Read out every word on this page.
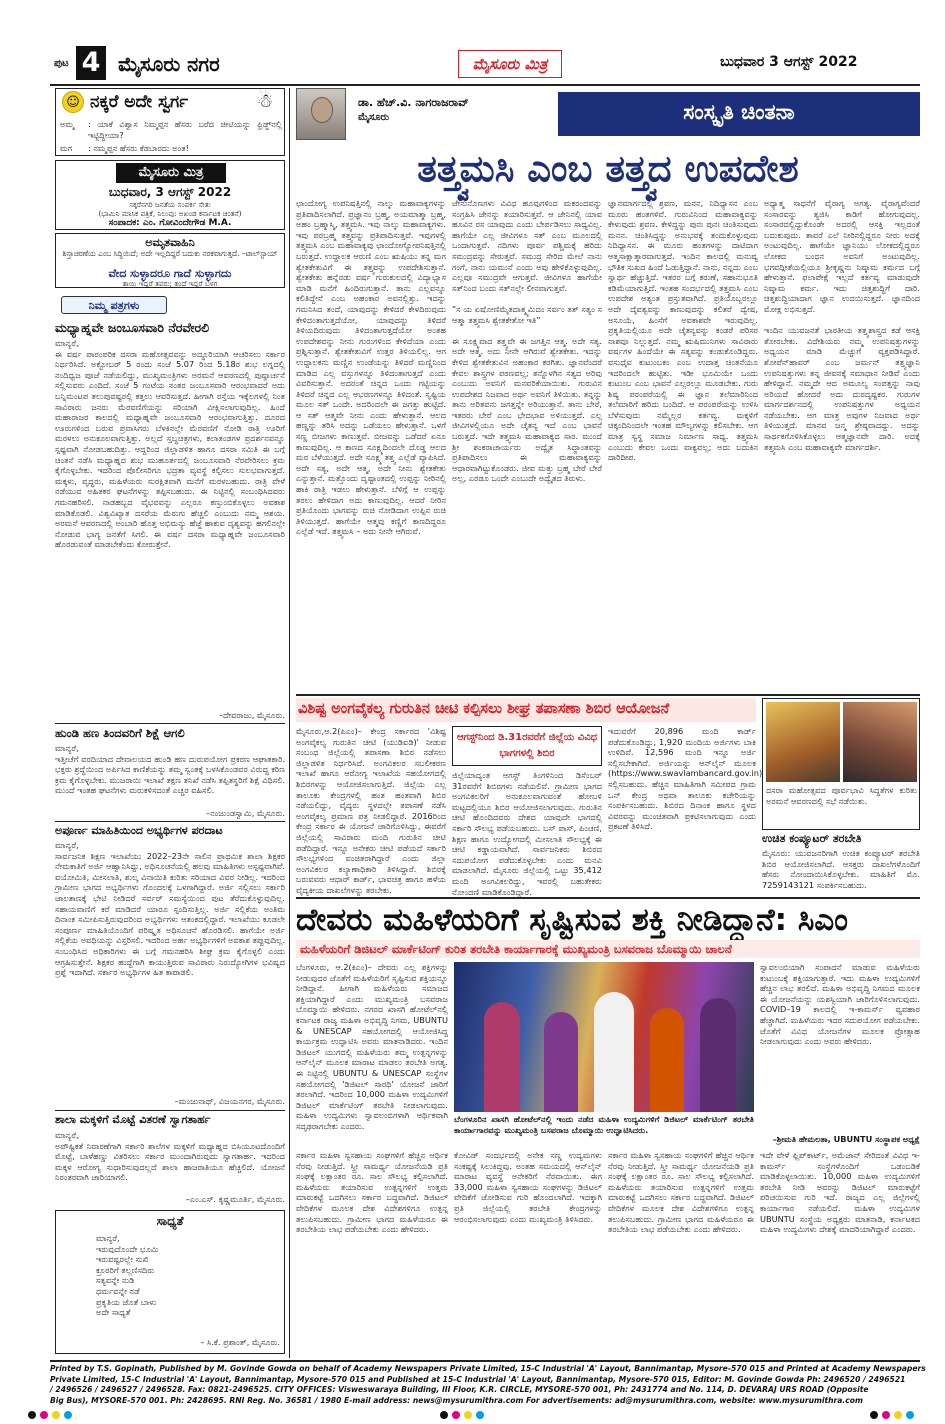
ಪುಟ 4 ಮೈಸೂರು ನಗರ	ಮೈಸೂರು ಮಿತ್ರ	ಬುಧವಾರ 3 ಆಗಸ್ಟ್ 2022
☺ ನಕ್ಕರೆ ಅದೇ ಸ್ವರ್ಗ	☃
ಅಮ್ಮ	: ಯಾಕೆ ವಿಶ್ವಾಸ ನಿಮ್ಮಪ್ಪನ ಹೆಸರು ಬರೆದ ಚೀಟಿಯನ್ನು ಫ್ರಿಡ್ಜ್‌ನಲ್ಲಿ ಇಟ್ಟಿದ್ದೀಯಾ?
ಮಗ	: ನಮ್ಮಪ್ಪನ ಹೆಸರು ಕೆಡಬಾರದು ಅಂತ!
ಮೈಸೂರು ಮಿತ್ರ
ಬುಧವಾರ, 3 ಆಗಸ್ಟ್ 2022
ಸಕ್ಕರೆನಗರಿ ಜನತೆಯ ಸಂಪರ್ಕ ಸೇತು
(ಭಾಮಿನಿ ಮಾಸಿಕ ಪತ್ರಿಕೆ, ನಿಲುವು: ಅಖಂಡ ಕರ್ನಾಟಕ ಚಿಂತನೆ)
ಸಂಪಾದಕ: ಎಂ. ಗೋವಿಂದೇಗೌಡ M.A.
ಅಮೃತವಾಹಿನಿ
ಶಿಸ್ತಾಚರಣೆಯ ಎಂಬ ಸಿದ್ಧಿಯಿದೆ; ಅದೇ ಇಲ್ಲದಿದ್ದರೆ ಬದುಕು ನರಕವಾಗುತ್ತದೆ. –ಟಾಲ್‌ಸ್ಟಾಯ್
ವೇದ ಸುಳ್ಳಾದರೂ ಗಾದೆ ಸುಳ್ಳಾಗದು
ತಾಯಿ ಇದ್ದರೆ ತವರು; ತಂದೆ ಇದ್ದರೆ ಬಳಗ
ನಿಮ್ಮ ಪತ್ರಗಳು
ಮಧ್ಯಾಹ್ನವೇ ಜಂಬೂಸವಾರಿ ನೆರವೇರಲಿ
ಮಾನ್ಯರೆ,
ಈ ವರ್ಷ ಪಾರಂಪರಿಕ ದಸರಾ ಮಹೋತ್ಸವವನ್ನು ಅದ್ಧೂರಿಯಾಗಿ ಆಚರಿಸಲು ಸರ್ಕಾರ ನಿರ್ಧರಿಸಿದೆ. ಅಕ್ಟೋಬರ್ 5 ರಂದು ಸಂಜೆ 5.07 ರಿಂದ 5.18ರ ಶುಭ ಲಗ್ನದಲ್ಲಿ ನಂದಿಧ್ವಜ ಪೂಜೆ ನಡೆಯಲಿದ್ದು, ಮುಖ್ಯಮಂತ್ರಿಗಳು ಅರಮನೆ ಆವರಣದಲ್ಲಿ ಪುಷ್ಪಾರ್ಚನೆ ಸಲ್ಲಿಸುವರು ಎಂದಿದೆ. ಸಂಜೆ 5 ಗಂಟೆಯ ನಂತರ ಜಂಬೂಸವಾರಿ ಆರಂಭವಾದರೆ ಅದು ಬನ್ನಿಮಂಟಪ ತಲುಪುವಷ್ಟರಲ್ಲಿ ಕತ್ತಲು ಆವರಿಸುತ್ತದೆ. ಹೀಗಾಗಿ ರಸ್ತೆಯ ಇಕ್ಕೆಲಗಳಲ್ಲಿ ನಿಂತ ಸಾವಿರಾರು ಜನರು ಮೆರವಣಿಗೆಯನ್ನು ಸರಿಯಾಗಿ ವೀಕ್ಷಿಸಲಾಗುವುದಿಲ್ಲ. ಹಿಂದೆ ಮಹಾರಾಜರ ಕಾಲದಲ್ಲಿ ಮಧ್ಯಾಹ್ನವೇ ಜಂಬೂಸವಾರಿ ಆರಂಭವಾಗುತ್ತಿತ್ತು. ದೂರದ ಊರುಗಳಿಂದ ಬರುವ ಪ್ರವಾಸಿಗರು ಬೆಳಕಿನಲ್ಲೇ ಮೆರವಣಿಗೆ ನೋಡಿ ರಾತ್ರಿ ಊರಿಗೆ ಮರಳಲು ಅನುಕೂಲವಾಗುತ್ತಿತ್ತು. ಅಲ್ಲದೆ ಸ್ತಬ್ಧಚಿತ್ರಗಳು, ಕಲಾತಂಡಗಳ ಪ್ರದರ್ಶನವನ್ನೂ ಸ್ಪಷ್ಟವಾಗಿ ನೋಡಬಹುದಿತ್ತು. ಆದ್ದರಿಂದ ಜಿಲ್ಲಾಡಳಿತ ಹಾಗೂ ದಸರಾ ಸಮಿತಿ ಈ ಬಗ್ಗೆ ಚಿಂತನೆ ನಡೆಸಿ ಮಧ್ಯಾಹ್ನದ ಶುಭ ಮುಹೂರ್ತದಲ್ಲಿ ಜಂಬೂಸವಾರಿ ನೆರವೇರಿಸಲು ಕ್ರಮ ಕೈಗೊಳ್ಳಬೇಕು. ಇದರಿಂದ ಪೊಲೀಸರಿಗೂ ಭದ್ರತಾ ವ್ಯವಸ್ಥೆ ಕಲ್ಪಿಸಲು ಸುಲಭವಾಗುತ್ತದೆ. ಮಕ್ಕಳು, ವೃದ್ಧರು, ಮಹಿಳೆಯರು ಸುರಕ್ಷಿತವಾಗಿ ಮನೆಗೆ ಮರಳಬಹುದು. ರಾತ್ರಿ ವೇಳೆ ನಡೆಯುವ ಅಹಿತಕರ ಘಟನೆಗಳನ್ನು ತಪ್ಪಿಸಬಹುದು. ಈ ನಿಟ್ಟಿನಲ್ಲಿ ಸಂಬಂಧಿಸಿದವರು ಗಮನಹರಿಸಲಿ. ನಾಡಹಬ್ಬದ ವೈಭವವನ್ನು ಎಲ್ಲರೂ ಕಣ್ತುಂಬಿಕೊಳ್ಳಲು ಅವಕಾಶ ಮಾಡಿಕೊಡಲಿ. ವಿಶ್ವವಿಖ್ಯಾತ ದಸರೆಯ ಮೆರುಗು ಹೆಚ್ಚಲಿ ಎಂಬುದು ನಮ್ಮ ಆಶಯ. ಅರಮನೆ ಆವರಣದಲ್ಲಿ ಅಂಬಾರಿ ಹೊತ್ತ ಅಭಿಮನ್ಯು ಹೆಜ್ಜೆ ಹಾಕುವ ದೃಶ್ಯವನ್ನು ಹಗಲಿನಲ್ಲೇ ನೋಡುವ ಭಾಗ್ಯ ಜನತೆಗೆ ಸಿಗಲಿ. ಈ ವರ್ಷ ದಸರಾ ಮಧ್ಯಾಹ್ನವೇ ಜಂಬೂಸವಾರಿ ಹೊರಡುವಂತೆ ಮಾಡಬೇಕೆಂದು ಕೋರುತ್ತೇನೆ.
–ದೇವರಾಜು, ಮೈಸೂರು.
ಹುಂಡಿ ಹಣ ತಿಂದವರಿಗೆ ಶಿಕ್ಷೆ ಆಗಲಿ
ಮಾನ್ಯರೆ,
ಇತ್ತೀಚೆಗೆ ವರದಿಯಾದ ದೇವಾಲಯದ ಹುಂಡಿ ಹಣ ದುರುಪಯೋಗ ಪ್ರಕರಣ ಆಘಾತಕಾರಿ. ಭಕ್ತರು ಶ್ರದ್ಧೆಯಿಂದ ಅರ್ಪಿಸಿದ ಕಾಣಿಕೆಯನ್ನು ತಮ್ಮ ಸ್ವಂತಕ್ಕೆ ಬಳಸಿಕೊಂಡವರ ವಿರುದ್ಧ ಕಠಿಣ ಕ್ರಮ ಕೈಗೊಳ್ಳಬೇಕು. ಮುಜರಾಯಿ ಇಲಾಖೆ ತಕ್ಷಣ ತನಿಖೆ ನಡೆಸಿ ತಪ್ಪಿತಸ್ಥರಿಗೆ ಶಿಕ್ಷೆ ವಿಧಿಸಲಿ. ಮುಂದೆ ಇಂತಹ ಘಟನೆಗಳು ಮರುಕಳಿಸದಂತೆ ಎಚ್ಚರ ವಹಿಸಲಿ.
–ನಂಜುಂಡಸ್ವಾಮಿ, ಮೈಸೂರು.
ಅಪೂರ್ಣ ಮಾಹಿತಿಯಿಂದ ಅಭ್ಯರ್ಥಿಗಳ ಪರದಾಟ
ಮಾನ್ಯರೆ,
ಸಾರ್ವಜನಿಕ ಶಿಕ್ಷಣ ಇಲಾಖೆಯು 2022–23ನೇ ಸಾಲಿನ ಪ್ರಾಥಮಿಕ ಶಾಲಾ ಶಿಕ್ಷಕರ ನೇಮಕಾತಿಗೆ ಅರ್ಜಿ ಆಹ್ವಾನಿಸಿದ್ದು, ಅಧಿಸೂಚನೆಯಲ್ಲಿ ಹಲವು ಮಾಹಿತಿಗಳು ಅಸ್ಪಷ್ಟವಾಗಿವೆ. ವಯೋಮಿತಿ, ಮೀಸಲಾತಿ, ಶುಲ್ಕ ವಿನಾಯಿತಿ ಕುರಿತು ಸರಿಯಾದ ವಿವರ ನೀಡಿಲ್ಲ. ಇದರಿಂದ ಗ್ರಾಮೀಣ ಭಾಗದ ಅಭ್ಯರ್ಥಿಗಳು ಗೊಂದಲಕ್ಕೆ ಒಳಗಾಗಿದ್ದಾರೆ. ಅರ್ಜಿ ಸಲ್ಲಿಸಲು ಸರ್ಕಾರಿ ಜಾಲತಾಣಕ್ಕೆ ಭೇಟಿ ನೀಡಿದರೆ ಸರ್ವರ್ ಸಮಸ್ಯೆಯಿಂದ ಪುಟ ತೆರೆದುಕೊಳ್ಳುವುದಿಲ್ಲ. ಸಹಾಯವಾಣಿಗೆ ಕರೆ ಮಾಡಿದರೆ ಯಾರೂ ಸ್ಪಂದಿಸುತ್ತಿಲ್ಲ. ಅರ್ಜಿ ಸಲ್ಲಿಕೆಯ ಅಂತಿಮ ದಿನಾಂಕ ಸಮೀಪಿಸುತ್ತಿರುವುದರಿಂದ ಅಭ್ಯರ್ಥಿಗಳು ಆತಂಕದಲ್ಲಿದ್ದಾರೆ. ಇಲಾಖೆಯು ಕೂಡಲೇ ಸಂಪೂರ್ಣ ಮಾಹಿತಿಯೊಂದಿಗೆ ಪರಿಷ್ಕೃತ ಅಧಿಸೂಚನೆ ಹೊರಡಿಸಲಿ. ಹಾಗೆಯೇ ಅರ್ಜಿ ಸಲ್ಲಿಕೆಯ ಅವಧಿಯನ್ನು ವಿಸ್ತರಿಸಲಿ. ಇದರಿಂದ ಅರ್ಹ ಅಭ್ಯರ್ಥಿಗಳಿಗೆ ಅವಕಾಶ ತಪ್ಪುವುದಿಲ್ಲ. ಸಂಬಂಧಿಸಿದ ಅಧಿಕಾರಿಗಳು ಈ ಬಗ್ಗೆ ಗಮನಹರಿಸಿ ಶೀಘ್ರ ಕ್ರಮ ಕೈಗೊಳ್ಳಲಿ ಎಂದು ಆಗ್ರಹಿಸುತ್ತೇನೆ. ಶಿಕ್ಷಕರ ಹುದ್ದೆಗಾಗಿ ಕಾಯುತ್ತಿರುವ ಸಾವಿರಾರು ನಿರುದ್ಯೋಗಿಗಳ ಭವಿಷ್ಯದ ಪ್ರಶ್ನೆ ಇದಾಗಿದೆ. ಸರ್ಕಾರ ಅಭ್ಯರ್ಥಿಗಳ ಹಿತ ಕಾಪಾಡಲಿ.
–ಮಂಜುನಾಥ್, ವಿಜಯನಗರ, ಮೈಸೂರು.
ಶಾಲಾ ಮಕ್ಕಳಿಗೆ ಮೊಟ್ಟೆ ವಿತರಣೆ ಸ್ವಾಗತಾರ್ಹ
ಮಾನ್ಯರೆ,
ಅಪೌಷ್ಟಿಕತೆ ನಿವಾರಣೆಗಾಗಿ ಸರ್ಕಾರಿ ಶಾಲೆಗಳ ಮಕ್ಕಳಿಗೆ ಮಧ್ಯಾಹ್ನದ ಬಿಸಿಯೂಟದೊಂದಿಗೆ ಮೊಟ್ಟೆ, ಬಾಳೆಹಣ್ಣು ವಿತರಿಸಲು ಸರ್ಕಾರ ಮುಂದಾಗಿರುವುದು ಸ್ವಾಗತಾರ್ಹ. ಇದರಿಂದ ಮಕ್ಕಳ ಆರೋಗ್ಯ ಸುಧಾರಿಸುವುದಲ್ಲದೆ ಶಾಲಾ ಹಾಜರಾತಿಯೂ ಹೆಚ್ಚಲಿದೆ. ಯೋಜನೆ ನಿರಂತರವಾಗಿ ಜಾರಿಯಾಗಲಿ.
–ಎಂ.ಎಸ್. ಕೃಷ್ಣಮೂರ್ತಿ, ಮೈಸೂರು.
ಸಾಧ್ಯತೆ
ಮಾನ್ಯರೆ,
ಇರುವುದೊಂದೇ ಭೂಮಿ
ಇರುವಷ್ಟರಲ್ಲೇ ಸುಖಿ
ಕ್ರೂರರಿಗೆ ತಲ್ಲಣಿಸದಿರು
ಸತ್ಯವನ್ನೇ ನುಡಿ
ಧರ್ಮವನ್ನೇ ನಡೆ
ಪ್ರಕೃತಿಯ ಜೊತೆ ಬಾಳು
ಅದೇ ಸಾಧ್ಯತೆ
– ಸಿ.ಕೆ. ಪ್ರಶಾಂತ್, ಮೈಸೂರು.
ಡಾ. ಹೆಚ್.ವಿ. ನಾಗರಾಜರಾವ್
ಮೈಸೂರು	ಸಂಸ್ಕೃತಿ ಚಿಂತನಾ
ತತ್ತ್ವಮಸಿ ಎಂಬ ತತ್ತ್ವದ ಉಪದೇಶ
ಛಾಂದೋಗ್ಯ ಉಪನಿಷತ್ತಿನಲ್ಲಿ ನಾಲ್ಕು ಮಹಾವಾಕ್ಯಗಳನ್ನು ಪ್ರತಿಪಾದಿಸಲಾಗಿದೆ. ಪ್ರಜ್ಞಾನಂ ಬ್ರಹ್ಮ, ಅಯಮಾತ್ಮಾ ಬ್ರಹ್ಮ, ಅಹಂ ಬ್ರಹ್ಮಾಸ್ಮಿ, ತತ್ತ್ವಮಸಿ. ಇವು ನಾಲ್ಕು ಮಹಾವಾಕ್ಯಗಳು. ಇವು ಪರಬ್ರಹ್ಮ ತತ್ತ್ವವನ್ನು ಪ್ರತಿಪಾದಿಸುತ್ತವೆ. ಇವುಗಳಲ್ಲಿ ತತ್ತ್ವಮಸಿ ಎಂಬ ಮಹಾವಾಕ್ಯವು ಛಾಂದೋಗ್ಯೋಪನಿಷತ್ತಿನಲ್ಲಿ ಬರುತ್ತದೆ. ಉದ್ದಾಲಕ ಆರುಣಿ ಎಂಬ ಋಷಿಯು ತನ್ನ ಮಗ ಶ್ವೇತಕೇತುವಿಗೆ ಈ ತತ್ತ್ವವನ್ನು ಉಪದೇಶಿಸುತ್ತಾನೆ. ಶ್ವೇತಕೇತು ಹನ್ನೆರಡು ವರ್ಷ ಗುರುಕುಲದಲ್ಲಿ ವಿದ್ಯಾಭ್ಯಾಸ ಮಾಡಿ ಮನೆಗೆ ಹಿಂದಿರುಗುತ್ತಾನೆ. ತಾನು ಎಲ್ಲವನ್ನೂ ಕಲಿತಿದ್ದೇನೆ ಎಂಬ ಅಹಂಕಾರ ಅವನಲ್ಲಿತ್ತು. ಇದನ್ನು ಗಮನಿಸಿದ ತಂದೆ, ಯಾವುದನ್ನು ಕೇಳಿದರೆ ಕೇಳದಿರುವುದು ಕೇಳಿದಂತಾಗುತ್ತದೆಯೋ, ಯಾವುದನ್ನು ತಿಳಿದರೆ ತಿಳಿಯದಿರುವುದು ತಿಳಿದಂತಾಗುತ್ತದೆಯೋ ಅಂತಹ ಉಪದೇಶವನ್ನು ನೀನು ಗುರುಗಳಿಂದ ಕೇಳಿದೆಯಾ ಎಂದು ಪ್ರಶ್ನಿಸುತ್ತಾನೆ. ಶ್ವೇತಕೇತುವಿಗೆ ಉತ್ತರ ತಿಳಿಯಲಿಲ್ಲ. ಆಗ ಉದ್ದಾಲಕನು ಮಣ್ಣಿನ ಉಂಡೆಯನ್ನು ತಿಳಿದರೆ ಮಣ್ಣಿನಿಂದ ಮಾಡಿದ ಎಲ್ಲ ವಸ್ತುಗಳನ್ನೂ ತಿಳಿದಂತಾಗುತ್ತದೆ ಎಂದು ವಿವರಿಸುತ್ತಾನೆ. ಅದರಂತೆ ಚಿನ್ನದ ಒಂದು ಗಟ್ಟಿಯನ್ನು ತಿಳಿದರೆ ಚಿನ್ನದ ಎಲ್ಲ ಆಭರಣಗಳನ್ನೂ ತಿಳಿದಂತೆ. ಸೃಷ್ಟಿಯ ಮೂಲ ಸತ್ ಒಂದೇ. ಅದರಿಂದಲೇ ಈ ಜಗತ್ತು ಹುಟ್ಟಿದೆ. ಆ ಸತ್ ಆತ್ಮವೇ ನೀನು ಎಂದು ಹೇಳುತ್ತಾನೆ. ಆಲದ ಹಣ್ಣನ್ನು ತರಿಸಿ ಅದನ್ನು ಒಡೆಯಲು ಹೇಳುತ್ತಾನೆ. ಒಳಗೆ ಸಣ್ಣ ಬೀಜಗಳು ಕಾಣುತ್ತವೆ. ಬೀಜವನ್ನು ಒಡೆದರೆ ಏನೂ ಕಾಣುವುದಿಲ್ಲ. ಆ ಕಾಣದ ಸೂಕ್ಷ್ಮದಿಂದಲೇ ದೊಡ್ಡ ಆಲದ ಮರ ಬೆಳೆಯುತ್ತದೆ. ಅದೇ ಸೂಕ್ಷ್ಮ ತತ್ತ್ವ ಎಲ್ಲೆಡೆ ವ್ಯಾಪಿಸಿದೆ. ಅದೇ ಸತ್ಯ, ಅದೇ ಆತ್ಮ, ಅದೇ ನೀನು ಶ್ವೇತಕೇತು ಎನ್ನುತ್ತಾನೆ. ಮತ್ತೊಂದು ದೃಷ್ಟಾಂತದಲ್ಲಿ ಉಪ್ಪನ್ನು ನೀರಿನಲ್ಲಿ ಹಾಕಿ ರಾತ್ರಿ ಇಡಲು ಹೇಳುತ್ತಾನೆ. ಬೆಳಿಗ್ಗೆ ಆ ಉಪ್ಪನ್ನು ತರಲು ಹೇಳಿದಾಗ ಅದು ಕಾಣುವುದಿಲ್ಲ. ಆದರೆ ನೀರಿನ ಪ್ರತಿಯೊಂದು ಭಾಗವನ್ನು ರುಚಿ ನೋಡಿದಾಗ ಉಪ್ಪಿನ ರುಚಿ ತಿಳಿಯುತ್ತದೆ. ಹಾಗೆಯೇ ಆತ್ಮವು ಕಣ್ಣಿಗೆ ಕಾಣದಿದ್ದರೂ ಎಲ್ಲೆಡೆ ಇದೆ. ತತ್ತ್ವಮಸಿ – ಅದು ನೀನೇ ಆಗಿರುವೆ.
ಜೇನುನೊಣಗಳು ವಿವಿಧ ಹೂವುಗಳಿಂದ ಮಕರಂದವನ್ನು ಸಂಗ್ರಹಿಸಿ ಜೇನನ್ನು ತಯಾರಿಸುತ್ತವೆ. ಆ ಜೇನಿನಲ್ಲಿ ಯಾವ ಹೂವಿನ ರಸ ಯಾವುದು ಎಂದು ಬೇರ್ಪಡಿಸಲು ಸಾಧ್ಯವಿಲ್ಲ. ಹಾಗೆಯೇ ಎಲ್ಲ ಜೀವಿಗಳೂ ಸತ್ ಎಂಬ ಮೂಲದಲ್ಲಿ ಒಂದಾಗುತ್ತವೆ. ನದಿಗಳು ಪೂರ್ವ ಪಶ್ಚಿಮಕ್ಕೆ ಹರಿದು ಸಮುದ್ರವನ್ನು ಸೇರುತ್ತವೆ. ಸಮುದ್ರ ಸೇರಿದ ಮೇಲೆ ನಾನು ಗಂಗೆ, ನಾನು ಯಮುನೆ ಎಂದು ಅವು ಹೇಳಿಕೊಳ್ಳುವುದಿಲ್ಲ. ಎಲ್ಲವೂ ಸಮುದ್ರವೇ ಆಗುತ್ತವೆ. ಜೀವಿಗಳೂ ಹಾಗೆಯೇ ಸತ್‌ನಿಂದ ಬಂದು ಸತ್‌ನಲ್ಲೇ ಲೀನವಾಗುತ್ತವೆ.

“ಸ ಯ ಏಷೋಣಿಮೈತದಾತ್ಮ್ಯಮಿದಂ ಸರ್ವಂ ತತ್ ಸತ್ಯಂ ಸ ಆತ್ಮಾ ತತ್ತ್ವಮಸಿ ಶ್ವೇತಕೇತೋ ಇತಿ”

ಈ ಸೂಕ್ಷ್ಮವಾದ ತತ್ತ್ವವೇ ಈ ಜಗತ್ತಿನ ಆತ್ಮ. ಅದೇ ಸತ್ಯ. ಅದೇ ಆತ್ಮ. ಅದು ನೀನೇ ಆಗಿರುವೆ ಶ್ವೇತಕೇತು. ಇದನ್ನು ಕೇಳಿದ ಶ್ವೇತಕೇತುವಿನ ಅಹಂಕಾರ ಕರಗಿತು. ಜ್ಞಾನವೆಂದರೆ ಕೇವಲ ಶಾಸ್ತ್ರಗಳ ಪಠಣವಲ್ಲ; ತನ್ನೊಳಗಿನ ಸತ್ಯದ ಅರಿವು ಎಂಬುದು ಅವನಿಗೆ ಮನವರಿಕೆಯಾಯಿತು. ಗುರುವಿನ ಉಪದೇಶದ ನಿಜವಾದ ಅರ್ಥ ಅವನಿಗೆ ತಿಳಿಯಿತು. ತನ್ನನ್ನು ತಾನು ಅರಿತವನು ಜಗತ್ತನ್ನೇ ಅರಿಯುತ್ತಾನೆ. ತಾನು ಬೇರೆ, ಇತರರು ಬೇರೆ ಎಂಬ ಭೇದಭಾವ ಅಳಿಯುತ್ತದೆ. ಎಲ್ಲ ಜೀವಿಗಳಲ್ಲಿಯೂ ಅದೇ ಚೈತನ್ಯ ಇದೆ ಎಂಬ ಭಾವನೆ ಬರುತ್ತದೆ. ಇದೇ ತತ್ತ್ವಮಸಿ ಮಹಾವಾಕ್ಯದ ಸಾರ. ಮುಂದೆ ಶ್ರೀ ಶಂಕರಾಚಾರ್ಯರು ಅದ್ವೈತ ಸಿದ್ಧಾಂತವನ್ನು ಪ್ರತಿಪಾದಿಸಲು ಈ ಮಹಾವಾಕ್ಯವನ್ನು ಆಧಾರವಾಗಿಟ್ಟುಕೊಂಡರು. ಜೀವ ಮತ್ತು ಬ್ರಹ್ಮ ಬೇರೆ ಬೇರೆ ಅಲ್ಲ, ಎರಡೂ ಒಂದೇ ಎಂಬುದೇ ಅದ್ವೈತದ ತಿರುಳು.
ಜ್ಞಾನಮಾರ್ಗದಲ್ಲಿ ಶ್ರವಣ, ಮನನ, ನಿದಿಧ್ಯಾಸನ ಎಂಬ ಮೂರು ಹಂತಗಳಿವೆ. ಗುರುವಿನಿಂದ ಮಹಾವಾಕ್ಯವನ್ನು ಕೇಳುವುದು ಶ್ರವಣ. ಕೇಳಿದ್ದನ್ನು ಪುನಃ ಪುನಃ ಚಿಂತಿಸುವುದು ಮನನ. ಚಿಂತಿಸಿದ್ದನ್ನು ಅನುಭವಕ್ಕೆ ತಂದುಕೊಳ್ಳುವುದು ನಿದಿಧ್ಯಾಸನ. ಈ ಮೂರು ಹಂತಗಳನ್ನು ದಾಟಿದಾಗ ಆತ್ಮಸಾಕ್ಷಾತ್ಕಾರವಾಗುತ್ತದೆ. ಇಂದಿನ ಕಾಲದಲ್ಲಿ ಮನುಷ್ಯ ಭೌತಿಕ ಸುಖದ ಹಿಂದೆ ಓಡುತ್ತಿದ್ದಾನೆ. ನಾನು, ನನ್ನದು ಎಂಬ ಸ್ವಾರ್ಥ ಹೆಚ್ಚುತ್ತಿದೆ. ಇತರರ ಬಗ್ಗೆ ಕರುಣೆ, ಸಹಾನುಭೂತಿ ಕಡಿಮೆಯಾಗುತ್ತಿದೆ. ಇಂತಹ ಸಂದರ್ಭದಲ್ಲಿ ತತ್ತ್ವಮಸಿ ಎಂಬ ಉಪದೇಶ ಅತ್ಯಂತ ಪ್ರಸ್ತುತವಾಗಿದೆ. ಪ್ರತಿಯೊಬ್ಬರಲ್ಲೂ ಅದೇ ದೈವತ್ವವನ್ನು ಕಾಣುವುದನ್ನು ಕಲಿತರೆ ದ್ವೇಷ, ಅಸೂಯೆ, ಹಿಂಸೆಗೆ ಅವಕಾಶವೇ ಇರುವುದಿಲ್ಲ. ಪ್ರಕೃತಿಯಲ್ಲಿಯೂ ಅದೇ ಚೈತನ್ಯವನ್ನು ಕಂಡರೆ ಪರಿಸರ ನಾಶವೂ ನಿಲ್ಲುತ್ತದೆ. ನಮ್ಮ ಋಷಿಮುನಿಗಳು ಸಾವಿರಾರು ವರ್ಷಗಳ ಹಿಂದೆಯೇ ಈ ಸತ್ಯವನ್ನು ಕಂಡುಕೊಂಡಿದ್ದರು. ವಸುಧೈವ ಕುಟುಂಬಕಂ ಎಂಬ ಉದಾತ್ತ ಚಿಂತನೆಯೂ ಇದರಿಂದಲೇ ಹುಟ್ಟಿತು. ಇಡೀ ಭೂಮಿಯೇ ಒಂದು ಕುಟುಂಬ ಎಂಬ ಭಾವನೆ ಎಲ್ಲರಲ್ಲೂ ಮೂಡಬೇಕು. ಗುರು ಶಿಷ್ಯ ಪರಂಪರೆಯಲ್ಲಿ ಈ ಜ್ಞಾನ ತಲೆಮಾರಿನಿಂದ ತಲೆಮಾರಿಗೆ ಹರಿದು ಬಂದಿದೆ. ಆ ಪರಂಪರೆಯನ್ನು ಉಳಿಸಿ ಬೆಳೆಸುವುದು ನಮ್ಮೆಲ್ಲರ ಕರ್ತವ್ಯ. ಮಕ್ಕಳಿಗೆ ಚಿಕ್ಕಂದಿನಿಂದಲೇ ಇಂತಹ ಮೌಲ್ಯಗಳನ್ನು ಕಲಿಸಬೇಕು. ಆಗ ಮಾತ್ರ ಸ್ವಸ್ಥ ಸಮಾಜ ನಿರ್ಮಾಣ ಸಾಧ್ಯ. ತತ್ತ್ವಮಸಿ ಎಂಬುದು ಕೇವಲ ಒಂದು ವಾಕ್ಯವಲ್ಲ; ಅದು ಬದುಕಿನ ದಾರಿದೀಪ.
ಅಧ್ಯಾತ್ಮ ಸಾಧನೆಗೆ ವೈರಾಗ್ಯ ಅಗತ್ಯ. ವೈರಾಗ್ಯವೆಂದರೆ ಸಂಸಾರವನ್ನು ತ್ಯಜಿಸಿ ಕಾಡಿಗೆ ಹೋಗುವುದಲ್ಲ. ಸಂಸಾರದಲ್ಲಿದ್ದುಕೊಂಡೇ ಅದರಲ್ಲಿ ಆಸಕ್ತಿ ಇಲ್ಲದಂತೆ ಬದುಕುವುದು. ತಾವರೆ ಎಲೆ ನೀರಿನಲ್ಲಿದ್ದರೂ ನೀರು ಅದಕ್ಕೆ ಅಂಟುವುದಿಲ್ಲ. ಹಾಗೆಯೇ ಜ್ಞಾನಿಯು ಲೋಕದಲ್ಲಿದ್ದರೂ ಲೋಕದ ಬಂಧನ ಅವನಿಗೆ ಅಂಟುವುದಿಲ್ಲ. ಭಗವದ್ಗೀತೆಯಲ್ಲಿಯೂ ಶ್ರೀಕೃಷ್ಣನು ನಿಷ್ಕಾಮ ಕರ್ಮದ ಬಗ್ಗೆ ಹೇಳುತ್ತಾನೆ. ಫಲಾಪೇಕ್ಷೆ ಇಲ್ಲದೆ ಕರ್ತವ್ಯ ಮಾಡುವುದೇ ನಿಷ್ಕಾಮ ಕರ್ಮ. ಇದು ಚಿತ್ತಶುದ್ಧಿಗೆ ದಾರಿ. ಚಿತ್ತಶುದ್ಧಿಯಾದಾಗ ಜ್ಞಾನ ಉದಯಿಸುತ್ತದೆ. ಜ್ಞಾನದಿಂದ ಮೋಕ್ಷ ಲಭಿಸುತ್ತದೆ.

ಇಂದಿನ ಯುವಜನತೆ ಭಾರತೀಯ ತತ್ತ್ವಶಾಸ್ತ್ರದ ಕಡೆ ಆಸಕ್ತಿ ತೋರಬೇಕು. ವಿದೇಶಿಯರು ನಮ್ಮ ಉಪನಿಷತ್ತುಗಳನ್ನು ಅಧ್ಯಯನ ಮಾಡಿ ಮೆಚ್ಚುಗೆ ವ್ಯಕ್ತಪಡಿಸಿದ್ದಾರೆ. ಶೋಪೆನ್‌ಹಾವರ್ ಎಂಬ ಜರ್ಮನ್ ತತ್ತ್ವಜ್ಞಾನಿ ಉಪನಿಷತ್ತುಗಳು ತನ್ನ ಜೀವನಕ್ಕೆ ಸಮಾಧಾನ ನೀಡಿವೆ ಎಂದು ಹೇಳಿದ್ದಾನೆ. ನಮ್ಮದೇ ಆದ ಅಮೂಲ್ಯ ಸಂಪತ್ತನ್ನು ನಾವು ಅರಿಯದೆ ಹೋದರೆ ಅದು ದುರದೃಷ್ಟಕರ. ಗುರುಗಳ ಮಾರ್ಗದರ್ಶನದಲ್ಲಿ ಉಪನಿಷತ್ತುಗಳ ಅಧ್ಯಯನ ನಡೆಯಬೇಕು. ಆಗ ಮಾತ್ರ ಅವುಗಳ ನಿಜವಾದ ಅರ್ಥ ತಿಳಿಯುತ್ತದೆ. ಮಾನವ ಜನ್ಮ ಶ್ರೇಷ್ಠವಾದದ್ದು. ಅದನ್ನು ಸಾರ್ಥಕಗೊಳಿಸಿಕೊಳ್ಳಲು ಆತ್ಮಜ್ಞಾನವೇ ದಾರಿ. ಅದಕ್ಕೆ ತತ್ತ್ವಮಸಿ ಎಂಬ ಮಹಾವಾಕ್ಯವೇ ಮಾರ್ಗದರ್ಶಿ.
ವಿಶಿಷ್ಟ ಅಂಗವೈಕಲ್ಯ ಗುರುತಿನ ಚೀಟಿ ಕಲ್ಪಿಸಲು ಶೀಘ್ರ ತಪಾಸಣಾ ಶಿಬಿರ ಆಯೋಜನೆ
ಮೈಸೂರು,ಆ.2(ಪಿಎಂ)– ಕೇಂದ್ರ ಸರ್ಕಾರದ 'ವಿಶಿಷ್ಟ ಅಂಗವೈಕಲ್ಯ ಗುರುತಿನ ಚೀಟಿ (ಯುಡಿಐಡಿ)' ನೀಡುವ ಸಂಬಂಧ ಜಿಲ್ಲೆಯಲ್ಲಿ ತಪಾಸಣಾ ಶಿಬಿರ ನಡೆಸಲು ಜಿಲ್ಲಾಡಳಿತ ನಿರ್ಧರಿಸಿದೆ. ಅಂಗವಿಕಲರ ಸಬಲೀಕರಣ ಇಲಾಖೆ ಹಾಗೂ ಆರೋಗ್ಯ ಇಲಾಖೆಯ ಸಹಯೋಗದಲ್ಲಿ ಶಿಬಿರಗಳನ್ನು ಆಯೋಜಿಸಲಾಗುತ್ತಿದೆ. ಜಿಲ್ಲೆಯ ಎಲ್ಲ ತಾಲೂಕು ಕೇಂದ್ರಗಳಲ್ಲಿ ಹಂತ ಹಂತವಾಗಿ ಶಿಬಿರ ನಡೆಯಲಿದ್ದು, ವೈದ್ಯರು ಸ್ಥಳದಲ್ಲೇ ತಪಾಸಣೆ ನಡೆಸಿ ಅಂಗವೈಕಲ್ಯ ಪ್ರಮಾಣ ಪತ್ರ ನೀಡಲಿದ್ದಾರೆ. 2016ರಿಂದ ಕೇಂದ್ರ ಸರ್ಕಾರ ಈ ಯೋಜನೆ ಜಾರಿಗೊಳಿಸಿದ್ದು, ಈವರೆಗೆ ಜಿಲ್ಲೆಯಲ್ಲಿ ಸಾವಿರಾರು ಮಂದಿ ಗುರುತಿನ ಚೀಟಿ ಪಡೆದಿದ್ದಾರೆ. ಇನ್ನೂ ಅನೇಕರು ಚೀಟಿ ಪಡೆಯದೆ ಸರ್ಕಾರಿ ಸೌಲಭ್ಯಗಳಿಂದ ವಂಚಿತರಾಗಿದ್ದಾರೆ ಎಂದು ಜಿಲ್ಲಾ ಅಂಗವಿಕಲರ ಕಲ್ಯಾಣಾಧಿಕಾರಿ ತಿಳಿಸಿದ್ದಾರೆ. ಶಿಬಿರಕ್ಕೆ ಬರುವವರು ಆಧಾರ್ ಕಾರ್ಡ್, ಭಾವಚಿತ್ರ ಹಾಗೂ ಹಳೆಯ ವೈದ್ಯಕೀಯ ದಾಖಲೆಗಳನ್ನು ತರಬೇಕು.
ಆಗಸ್ಟ್‌ನಿಂದ ಡಿ.31ರವರೆಗೆ ಜಿಲ್ಲೆಯ ವಿವಿಧ ಭಾಗಗಳಲ್ಲಿ ಶಿಬಿರ
ಜಿಲ್ಲೆಯಾದ್ಯಂತ ಆಗಸ್ಟ್ ತಿಂಗಳಿನಿಂದ ಡಿಸೆಂಬರ್ 31ರವರೆಗೆ ಶಿಬಿರಗಳು ನಡೆಯಲಿವೆ. ಗ್ರಾಮೀಣ ಭಾಗದ ಅಂಗವಿಕಲರಿಗೆ ಅನುಕೂಲವಾಗುವಂತೆ ಹೋಬಳಿ ಮಟ್ಟದಲ್ಲಿಯೂ ಶಿಬಿರ ಆಯೋಜಿಸಲಾಗುವುದು. ಗುರುತಿನ ಚೀಟಿ ಹೊಂದಿದವರು ದೇಶದ ಯಾವುದೇ ಭಾಗದಲ್ಲಿ ಸರ್ಕಾರಿ ಸೌಲಭ್ಯ ಪಡೆಯಬಹುದು. ಬಸ್ ಪಾಸ್, ಪಿಂಚಣಿ, ಶಿಕ್ಷಣ ಹಾಗೂ ಉದ್ಯೋಗದಲ್ಲಿ ಮೀಸಲಾತಿ ಸೌಲಭ್ಯಕ್ಕೆ ಈ ಚೀಟಿ ಕಡ್ಡಾಯವಾಗಿದೆ. ಸಾರ್ವಜನಿಕರು ಶಿಬಿರದ ಸದುಪಯೋಗ ಪಡೆದುಕೊಳ್ಳಬೇಕು ಎಂದು ಮನವಿ ಮಾಡಲಾಗಿದೆ. ಮೈಸೂರು ಜಿಲ್ಲೆಯಲ್ಲಿ ಒಟ್ಟು 35,412 ಮಂದಿ ಅಂಗವಿಕಲರಿದ್ದು, ಇವರಲ್ಲಿ ಬಹುತೇಕರು ನೋಂದಣಿ ಮಾಡಿಕೊಂಡಿದ್ದಾರೆ.
ಇದುವರೆಗೆ 20,896 ಮಂದಿ ಕಾರ್ಡ್ ಪಡೆದುಕೊಂಡಿದ್ದು, 1,920 ಮಂದಿಯ ಅರ್ಜಿಗಳು ಬಾಕಿ ಉಳಿದಿವೆ. 12,596 ಮಂದಿ ಇನ್ನೂ ಅರ್ಜಿ ಸಲ್ಲಿಸಬೇಕಾಗಿದೆ. ಅರ್ಜಿಯನ್ನು ಆನ್‌ಲೈನ್ ಮೂಲಕ (https://www.swavlambancard.gov.in) ಸಲ್ಲಿಸಬಹುದು. ಹೆಚ್ಚಿನ ಮಾಹಿತಿಗಾಗಿ ಸಮೀಪದ ಗ್ರಾಮ ಒನ್ ಕೇಂದ್ರ ಅಥವಾ ತಾಲೂಕು ಕಚೇರಿಯನ್ನು ಸಂಪರ್ಕಿಸಬಹುದು. ಶಿಬಿರದ ದಿನಾಂಕ ಹಾಗೂ ಸ್ಥಳದ ವಿವರವನ್ನು ಮುಂಚಿತವಾಗಿ ಪ್ರಕಟಿಸಲಾಗುವುದು ಎಂದು ಪ್ರಕಟಣೆ ತಿಳಿಸಿದೆ.
ದಸರಾ ಮಹೋತ್ಸವದ ಪೂರ್ವಭಾವಿ ಸಿದ್ಧತೆಗಳ ಕುರಿತು ಅರಮನೆ ಆವರಣದಲ್ಲಿ ಸಭೆ ನಡೆಯಿತು.
ಉಚಿತ ಕಂಪ್ಯೂಟರ್ ತರಬೇತಿ
ಮೈಸೂರು: ಯುವಜನರಿಗಾಗಿ ಉಚಿತ ಕಂಪ್ಯೂಟರ್ ತರಬೇತಿ ಶಿಬಿರ ಆಯೋಜಿಸಲಾಗಿದೆ. ಆಸಕ್ತರು ದಾಖಲೆಗಳೊಂದಿಗೆ ಹೆಸರು ನೋಂದಾಯಿಸಿಕೊಳ್ಳಬೇಕು. ಮಾಹಿತಿಗೆ ಮೊ. 7259143121 ಸಂಪರ್ಕಿಸಬಹುದು.
ದೇವರು ಮಹಿಳೆಯರಿಗೆ ಸೃಷ್ಟಿಸುವ ಶಕ್ತಿ ನೀಡಿದ್ದಾನೆ: ಸಿಎಂ
ಮಹಿಳೆಯರಿಗೆ ಡಿಜಿಟಲ್ ಮಾರ್ಕೆಟಿಂಗ್ ಕುರಿತ ತರಬೇತಿ ಕಾರ್ಯಾಗಾರಕ್ಕೆ ಮುಖ್ಯಮಂತ್ರಿ ಬಸವರಾಜ ಬೊಮ್ಮಾಯಿ ಚಾಲನೆ
ಬೆಂಗಳೂರು, ಆ.2(ಕಿಎಂ)– ದೇವರು ಎಲ್ಲ ಶಕ್ತಿಗಳನ್ನು ನೀಡುವುದರ ಜೊತೆಗೆ ಮಹಿಳೆಯರಿಗೆ ಸೃಷ್ಟಿಸುವ ಶಕ್ತಿಯನ್ನೂ ನೀಡಿದ್ದಾನೆ. ಹೀಗಾಗಿ ಮಹಿಳೆಯರು ಸಮಾಜದ ಶಕ್ತಿಯಾಗಿದ್ದಾರೆ ಎಂದು ಮುಖ್ಯಮಂತ್ರಿ ಬಸವರಾಜ ಬೊಮ್ಮಾಯಿ ಹೇಳಿದರು. ನಗರದ ಖಾಸಗಿ ಹೋಟೆಲ್‌ನಲ್ಲಿ ಕರ್ನಾಟಕ ರಾಜ್ಯ ಮಹಿಳಾ ಅಭಿವೃದ್ಧಿ ನಿಗಮ, UBUNTU & UNESCAP ಸಹಯೋಗದಲ್ಲಿ ಆಯೋಜಿಸಿದ್ದ ಕಾರ್ಯಕ್ರಮ ಉದ್ಘಾಟಿಸಿ ಅವರು ಮಾತನಾಡಿದರು. ಇಂದಿನ ಡಿಜಿಟಲ್ ಯುಗದಲ್ಲಿ ಮಹಿಳೆಯರು ತಮ್ಮ ಉತ್ಪನ್ನಗಳನ್ನು ಆನ್‌ಲೈನ್ ಮೂಲಕ ಮಾರಾಟ ಮಾಡಲು ತರಬೇತಿ ಅಗತ್ಯ. ಈ ನಿಟ್ಟಿನಲ್ಲಿ UBUNTU & UNESCAP ಸಂಸ್ಥೆಗಳ ಸಹಯೋಗದಲ್ಲಿ 'ಡಿಜಿಟಲ್ ಸಾರಥಿ' ಯೋಜನೆ ಜಾರಿಗೆ ತರಲಾಗಿದೆ. ಇದರಿಂದ 10,000 ಮಹಿಳಾ ಉದ್ಯಮಿಗಳಿಗೆ ಡಿಜಿಟಲ್ ಮಾರ್ಕೆಟಿಂಗ್ ತರಬೇತಿ ನೀಡಲಾಗುವುದು. ಮಹಿಳಾ ಉದ್ಯಮಿಗಳು ಸ್ವಾವಲಂಬಿಗಳಾಗಿ ಆರ್ಥಿಕವಾಗಿ ಸದೃಢರಾಗಬೇಕು ಎಂದರು.
ಬೆಂಗಳೂರಿನ ಖಾಸಗಿ ಹೋಟೆಲ್‌ನಲ್ಲಿ ಇಂದು ನಡೆದ ಮಹಿಳಾ ಉದ್ಯಮಿಗಳಿಗೆ ಡಿಜಿಟಲ್ ಮಾರ್ಕೆಟಿಂಗ್ ತರಬೇತಿ ಕಾರ್ಯಾಗಾರವನ್ನು ಮುಖ್ಯಮಂತ್ರಿ ಬಸವರಾಜ ಬೊಮ್ಮಾಯಿ ಉದ್ಘಾಟಿಸಿದರು.
ಸ್ವಾವಲಂಬಿಯಾಗಿ ಸಂಪಾದನೆ ಮಾಡುವ ಮಹಿಳೆಯರು ಕುಟುಂಬಕ್ಕೆ ಶಕ್ತಿಯಾಗುತ್ತಾರೆ. ಇದು ಮಹಿಳಾ ಉದ್ಯಮಿಗಳಿಗೆ ಹೆಚ್ಚಿನ ಲಾಭ ತರಲಿದೆ. ಮಹಿಳಾ ಅಭಿವೃದ್ಧಿ ನಿಗಮದ ಮೂಲಕ ಈ ಯೋಜನೆಯನ್ನು ಯಶಸ್ವಿಯಾಗಿ ಜಾರಿಗೊಳಿಸಲಾಗುವುದು. COVID–19 ಕಾಲದಲ್ಲಿ ಇ-ಕಾಮರ್ಸ್ ವ್ಯವಹಾರ ಹೆಚ್ಚಾಗಿದೆ. ಮಹಿಳೆಯರು ಇದರ ಸದುಪಯೋಗ ಪಡೆಯಬೇಕು. ಜೊತೆಗೆ ವಿವಿಧ ಯೋಜನೆಗಳ ಮೂಲಕ ಪ್ರೋತ್ಸಾಹ ನೀಡಲಾಗುವುದು ಎಂದು ಅವರು ಹೇಳಿದರು.
–ಶ್ರೀಮತಿ ಹೇಮಲತಾ, UBUNTU ಸಂಸ್ಥಾಪಕ ಅಧ್ಯಕ್ಷೆ
ಸರ್ಕಾರ ಮಹಿಳಾ ಸ್ವಸಹಾಯ ಸಂಘಗಳಿಗೆ ಹೆಚ್ಚಿನ ಆರ್ಥಿಕ ನೆರವು ನೀಡುತ್ತಿದೆ. ಸ್ತ್ರೀ ಸಾಮರ್ಥ್ಯ ಯೋಜನೆಯಡಿ ಪ್ರತಿ ಸಂಘಕ್ಕೆ ಲಕ್ಷಾಂತರ ರೂ. ಸಾಲ ಸೌಲಭ್ಯ ಕಲ್ಪಿಸಲಾಗಿದೆ. ಮಹಿಳೆಯರು ತಯಾರಿಸುವ ಉತ್ಪನ್ನಗಳಿಗೆ ಉತ್ತಮ ಮಾರುಕಟ್ಟೆ ಒದಗಿಸಲು ಸರ್ಕಾರ ಬದ್ಧವಾಗಿದೆ. ಡಿಜಿಟಲ್ ವೇದಿಕೆಗಳ ಮೂಲಕ ದೇಶ ವಿದೇಶಗಳಿಗೂ ಉತ್ಪನ್ನ ತಲುಪಿಸಬಹುದು. ಗ್ರಾಮೀಣ ಭಾಗದ ಮಹಿಳೆಯರೂ ಈ ತರಬೇತಿಯ ಲಾಭ ಪಡೆಯಬೇಕು ಎಂದು ಹೇಳಿದರು.
ಕೋವಿಡ್ ಸಂದರ್ಭದಲ್ಲಿ ಅನೇಕ ಸಣ್ಣ ಉದ್ಯಮಗಳು ಸಂಕಷ್ಟಕ್ಕೆ ಸಿಲುಕಿದ್ದವು. ಅಂತಹ ಸಮಯದಲ್ಲಿ ಆನ್‌ಲೈನ್ ಮಾರಾಟ ವ್ಯವಸ್ಥೆ ಅನೇಕರಿಗೆ ನೆರವಾಯಿತು. ಈಗ 33,000 ಮಹಿಳಾ ಸ್ವಸಹಾಯ ಸಂಘಗಳನ್ನು ಡಿಜಿಟಲ್ ವೇದಿಕೆಗೆ ಜೋಡಿಸುವ ಗುರಿ ಹೊಂದಲಾಗಿದೆ. ಇದಕ್ಕಾಗಿ ಪ್ರತಿ ಜಿಲ್ಲೆಯಲ್ಲಿ ತರಬೇತಿ ಕೇಂದ್ರಗಳನ್ನು ಆರಂಭಿಸಲಾಗುವುದು ಎಂದು ಮುಖ್ಯಮಂತ್ರಿ ತಿಳಿಸಿದರು.
ಸರ್ಕಾರ ಮಹಿಳಾ ಸ್ವಸಹಾಯ ಸಂಘಗಳಿಗೆ ಹೆಚ್ಚಿನ ಆರ್ಥಿಕ ನೆರವು ನೀಡುತ್ತಿದೆ. ಸ್ತ್ರೀ ಸಾಮರ್ಥ್ಯ ಯೋಜನೆಯಡಿ ಪ್ರತಿ ಸಂಘಕ್ಕೆ ಲಕ್ಷಾಂತರ ರೂ. ಸಾಲ ಸೌಲಭ್ಯ ಕಲ್ಪಿಸಲಾಗಿದೆ. ಮಹಿಳೆಯರು ತಯಾರಿಸುವ ಉತ್ಪನ್ನಗಳಿಗೆ ಉತ್ತಮ ಮಾರುಕಟ್ಟೆ ಒದಗಿಸಲು ಸರ್ಕಾರ ಬದ್ಧವಾಗಿದೆ. ಡಿಜಿಟಲ್ ವೇದಿಕೆಗಳ ಮೂಲಕ ದೇಶ ವಿದೇಶಗಳಿಗೂ ಉತ್ಪನ್ನ ತಲುಪಿಸಬಹುದು. ಗ್ರಾಮೀಣ ಭಾಗದ ಮಹಿಳೆಯರೂ ಈ ತರಬೇತಿಯ ಲಾಭ ಪಡೆಯಬೇಕು ಎಂದು ಹೇಳಿದರು.
ಇದೇ ವೇಳೆ ಫ್ಲಿಪ್‌ಕಾರ್ಟ್, ಅಮೆಜಾನ್ ಸೇರಿದಂತೆ ವಿವಿಧ ಇ-ಕಾಮರ್ಸ್ ಸಂಸ್ಥೆಗಳೊಂದಿಗೆ ಒಡಂಬಡಿಕೆ ಮಾಡಿಕೊಳ್ಳಲಾಯಿತು. 10,000 ಮಹಿಳಾ ಉದ್ಯಮಿಗಳಿಗೆ ತರಬೇತಿ ನೀಡಿ ಅವರನ್ನು ಡಿಜಿಟಲ್ ಮಾರುಕಟ್ಟೆಗೆ ಪರಿಚಯಿಸುವ ಗುರಿ ಇದೆ. ರಾಜ್ಯದ ಎಲ್ಲ ಜಿಲ್ಲೆಗಳಲ್ಲಿ ಕಾರ್ಯಾಗಾರ ನಡೆಯಲಿದೆ. ಮಹಿಳಾ ಉದ್ಯಮಿಗಳ UBUNTU ಸಂಸ್ಥೆಯ ಅಧ್ಯಕ್ಷರು ಮಾತನಾಡಿ, ಕರ್ನಾಟಕದ ಮಹಿಳಾ ಉದ್ಯಮಿಗಳು ದೇಶಕ್ಕೆ ಮಾದರಿಯಾಗಿದ್ದಾರೆ ಎಂದರು.
Printed by T.S. Gopinath, Published by M. Govinde Gowda on behalf of Academy Newspapers Private Limited, 15-C Industrial 'A' Layout, Bannimantap, Mysore-570 015 and Printed at Academy Newspapers
Private Limited, 15-C Industrial 'A' Layout, Bannimantap, Mysore-570 015 and Published at 15-C Industrial 'A' Layout, Bannimantap, Mysore-570 015, Editor: M. Govinde Gowda Ph: 2496520 / 2496521
/ 2496526 / 2496527 / 2496528. Fax: 0821-2496525. CITY OFFICES: Visweswaraya Building, III Floor, K.R. CIRCLE, MYSORE-570 001, Ph: 2431774 and No. 114, D. DEVARAJ URS ROAD (Opposite
Big Bus), MYSORE-570 001. Ph: 2428695. RNI Reg. No. 36581 / 1980 E-mail address: news@mysurumithra.com For advertisements: ad@mysurumithra.com, website: www.mysurumithra.com
